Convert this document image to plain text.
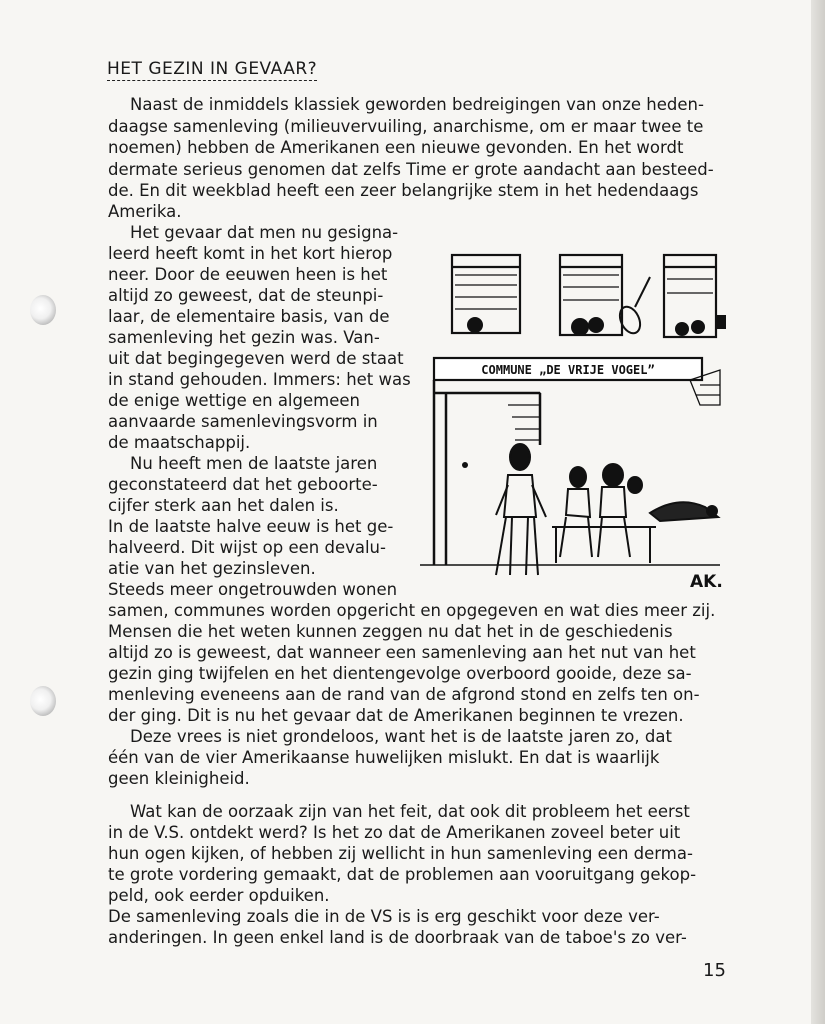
HET GEZIN IN GEVAAR?
Naast de inmiddels klassiek geworden bedreigingen van onze heden-
daagse samenleving (milieuvervuiling, anarchisme, om er maar twee te
noemen) hebben de Amerikanen een nieuwe gevonden. En het wordt
dermate serieus genomen dat zelfs Time er grote aandacht aan besteed-
de. En dit weekblad heeft een zeer belangrijke stem in het hedendaags
Amerika.
Het gevaar dat men nu gesigna-
leerd heeft komt in het kort hierop
neer. Door de eeuwen heen is het
altijd zo geweest, dat de steunpi-
laar, de elementaire basis, van de
samenleving het gezin was. Van-
uit dat begingegeven werd de staat
in stand gehouden. Immers: het was
de enige wettige en algemeen
aanvaarde samenlevingsvorm in
de maatschappij.
Nu heeft men de laatste jaren
geconstateerd dat het geboorte-
cijfer sterk aan het dalen is.
In de laatste halve eeuw is het ge-
halveerd. Dit wijst op een devalu-
atie van het gezinsleven.
Steeds meer ongetrouwden wonen
samen, communes worden opgericht en opgegeven en wat dies meer zij.
Mensen die het weten kunnen zeggen nu dat het in de geschiedenis
altijd zo is geweest, dat wanneer een samenleving aan het nut van het
gezin ging twijfelen en het dientengevolge overboord gooide, deze sa-
menleving eveneens aan de rand van de afgrond stond en zelfs ten on-
der ging. Dit is nu het gevaar dat de Amerikanen beginnen te vrezen.
Deze vrees is niet grondeloos, want het is de laatste jaren zo, dat
één van de vier Amerikaanse huwelijken mislukt. En dat is waarlijk
geen kleinigheid.
Wat kan de oorzaak zijn van het feit, dat ook dit probleem het eerst
in de V.S. ontdekt werd? Is het zo dat de Amerikanen zoveel beter uit
hun ogen kijken, of hebben zij wellicht in hun samenleving een derma-
te grote vordering gemaakt, dat de problemen aan vooruitgang gekop-
peld, ook eerder opduiken.
De samenleving zoals die in de VS is is erg geschikt voor deze ver-
anderingen. In geen enkel land is de doorbraak van de taboe's zo ver-
COMMUNE „DE VRIJE VOGEL”
AK.
15
